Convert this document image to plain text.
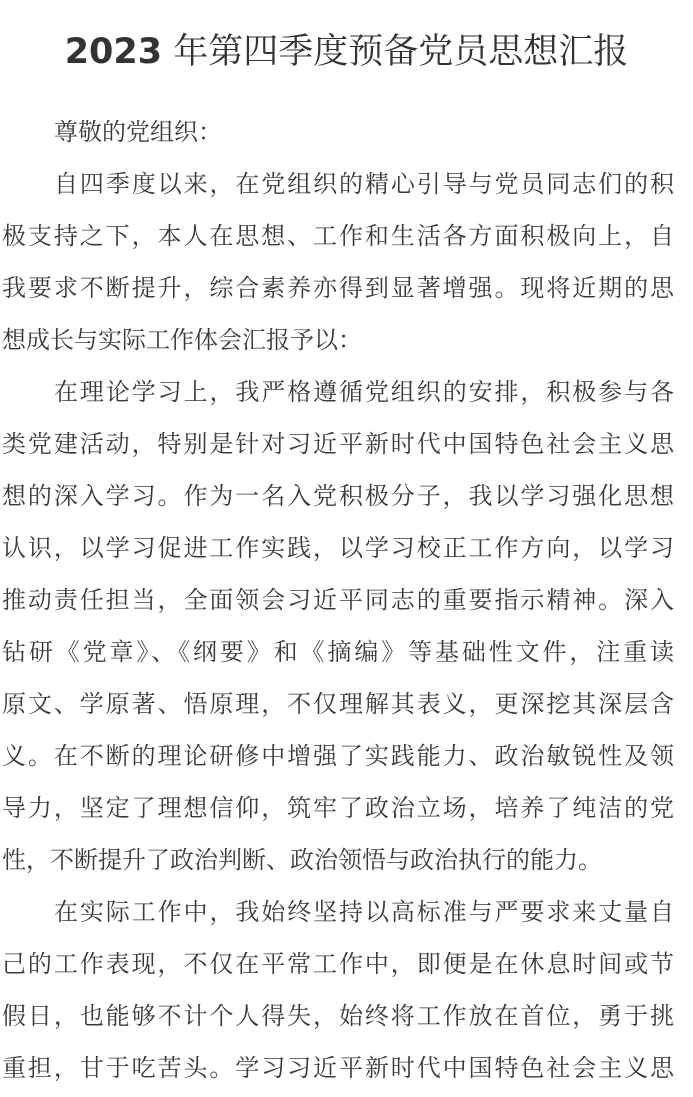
2023 年第四季度预备党员思想汇报
尊敬的党组织：
自四季度以来，在党组织的精心引导与党员同志们的积
极支持之下，本人在思想、工作和生活各方面积极向上，自
我要求不断提升，综合素养亦得到显著增强。现将近期的思
想成长与实际工作体会汇报予以：
在理论学习上，我严格遵循党组织的安排，积极参与各
类党建活动，特别是针对习近平新时代中国特色社会主义思
想的深入学习。作为一名入党积极分子，我以学习强化思想
认识，以学习促进工作实践，以学习校正工作方向，以学习
推动责任担当，全面领会习近平同志的重要指示精神。深入
钻研《党章》、《纲要》和《摘编》等基础性文件，注重读
原文、学原著、悟原理，不仅理解其表义，更深挖其深层含
义。在不断的理论研修中增强了实践能力、政治敏锐性及领
导力，坚定了理想信仰，筑牢了政治立场，培养了纯洁的党
性，不断提升了政治判断、政治领悟与政治执行的能力。
在实际工作中，我始终坚持以高标准与严要求来丈量自
己的工作表现，不仅在平常工作中，即便是在休息时间或节
假日，也能够不计个人得失，始终将工作放在首位，勇于挑
重担，甘于吃苦头。学习习近平新时代中国特色社会主义思
